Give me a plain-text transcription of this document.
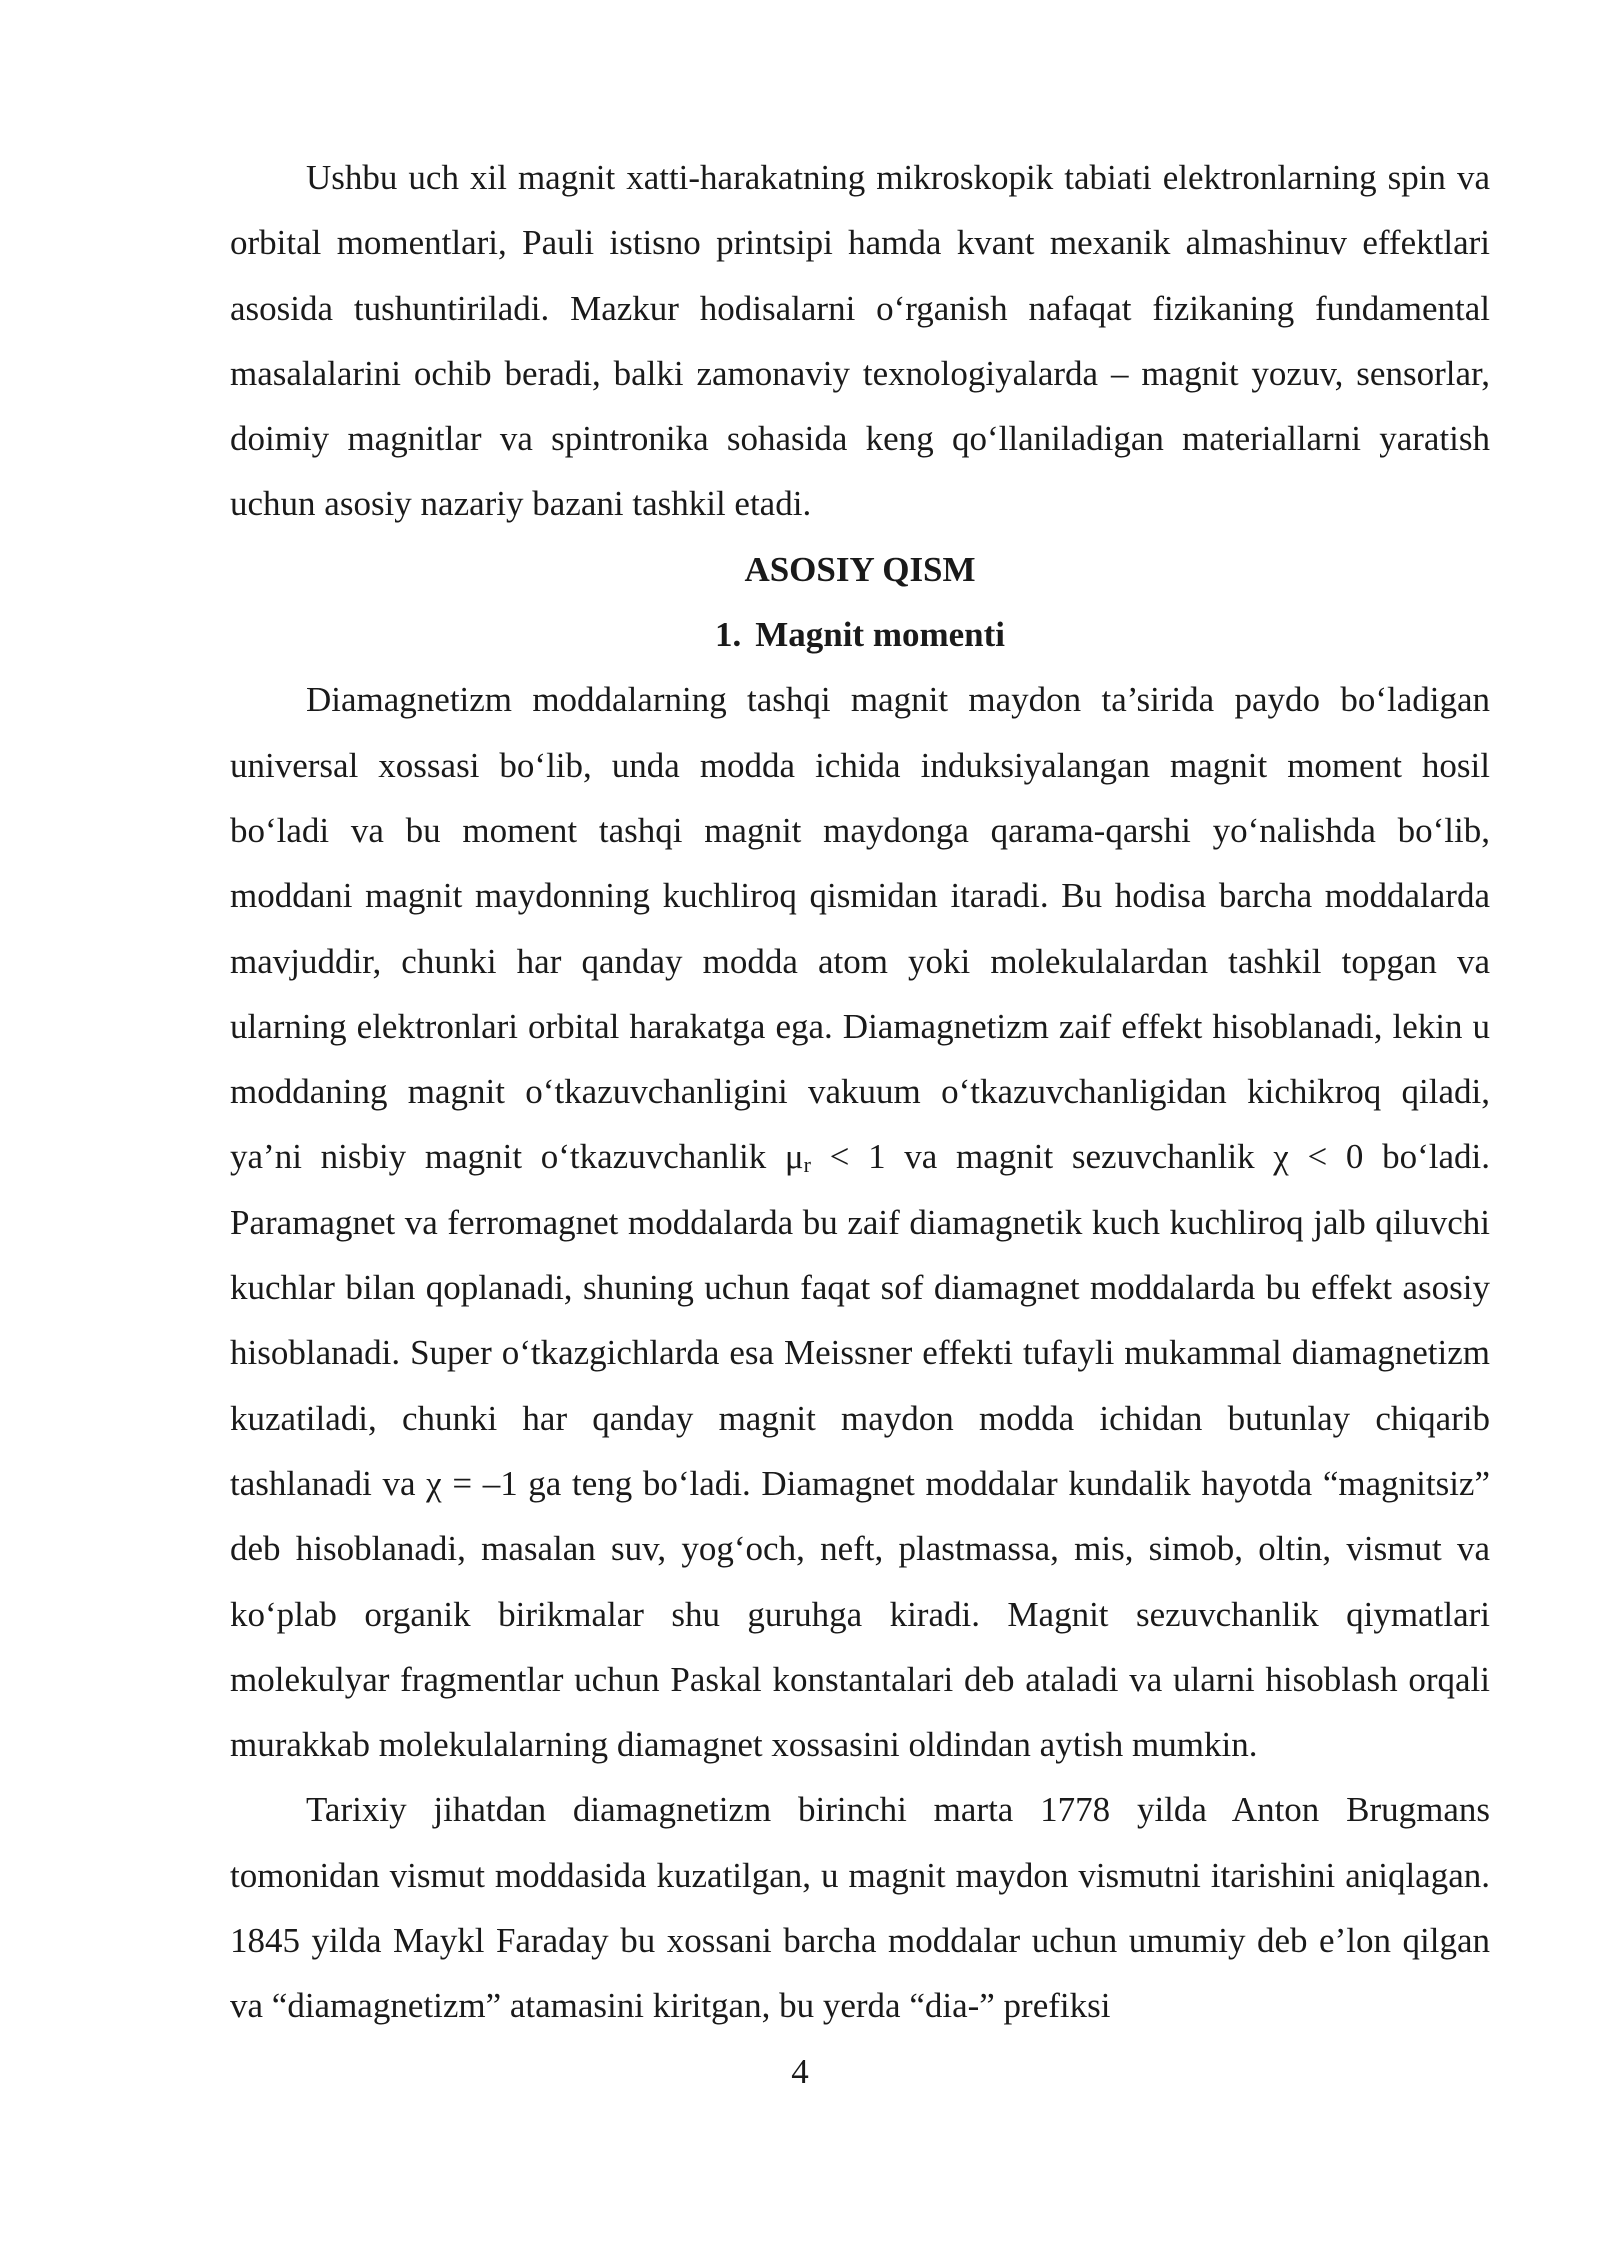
Ushbu uch xil magnit xatti-harakatning mikroskopik tabiati elektronlarning spin va orbital momentlari, Pauli istisno printsipi hamda kvant mexanik almashinuv effektlari asosida tushuntiriladi. Mazkur hodisalarni o‘rganish nafaqat fizikaning fundamental masalalarini ochib beradi, balki zamonaviy texnologiyalarda – magnit yozuv, sensorlar, doimiy magnitlar va spintronika sohasida keng qo‘llaniladigan materiallarni yaratish uchun asosiy nazariy bazani tashkil etadi.

ASOSIY QISM

1. Magnit momenti

Diamagnetizm moddalarning tashqi magnit maydon ta’sirida paydo bo‘ladigan universal xossasi bo‘lib, unda modda ichida induksiyalangan magnit moment hosil bo‘ladi va bu moment tashqi magnit maydonga qarama-qarshi yo‘nalishda bo‘lib, moddani magnit maydonning kuchliroq qismidan itaradi. Bu hodisa barcha moddalarda mavjuddir, chunki har qanday modda atom yoki molekulalardan tashkil topgan va ularning elektronlari orbital harakatga ega. Diamagnetizm zaif effekt hisoblanadi, lekin u moddaning magnit o‘tkazuvchanligini vakuum o‘tkazuvchanligidan kichikroq qiladi, ya’ni nisbiy magnit o‘tkazuvchanlik $\mu_r < 1$ va magnit sezuvchanlik χ < 0 bo‘ladi. Paramagnet va ferromagnet moddalarda bu zaif diamagnetik kuch kuchliroq jalb qiluvchi kuchlar bilan qoplanadi, shuning uchun faqat sof diamagnet moddalarda bu effekt asosiy hisoblanadi. Super o‘tkazgichlarda esa Meissner effekti tufayli mukammal diamagnetizm kuzatiladi, chunki har qanday magnit maydon modda ichidan butunlay chiqarib tashlanadi va χ = –1 ga teng bo‘ladi. Diamagnet moddalar kundalik hayotda “magnitsiz” deb hisoblanadi, masalan suv, yog‘och, neft, plastmassa, mis, simob, oltin, vismut va ko‘plab organik birikmalar shu guruhga kiradi. Magnit sezuvchanlik qiymatlari molekulyar fragmentlar uchun Paskal konstantalari deb ataladi va ularni hisoblash orqali murakkab molekulalarning diamagnet xossasini oldindan aytish mumkin.

Tarixiy jihatdan diamagnetizm birinchi marta 1778 yilda Anton Brugmans tomonidan vismut moddasida kuzatilgan, u magnit maydon vismutni itarishini aniqlagan. 1845 yilda Maykl Faraday bu xossani barcha moddalar uchun umumiy deb e’lon qilgan va “diamagnetizm” atamasini kiritgan, bu yerda “dia-” prefiksi

4
